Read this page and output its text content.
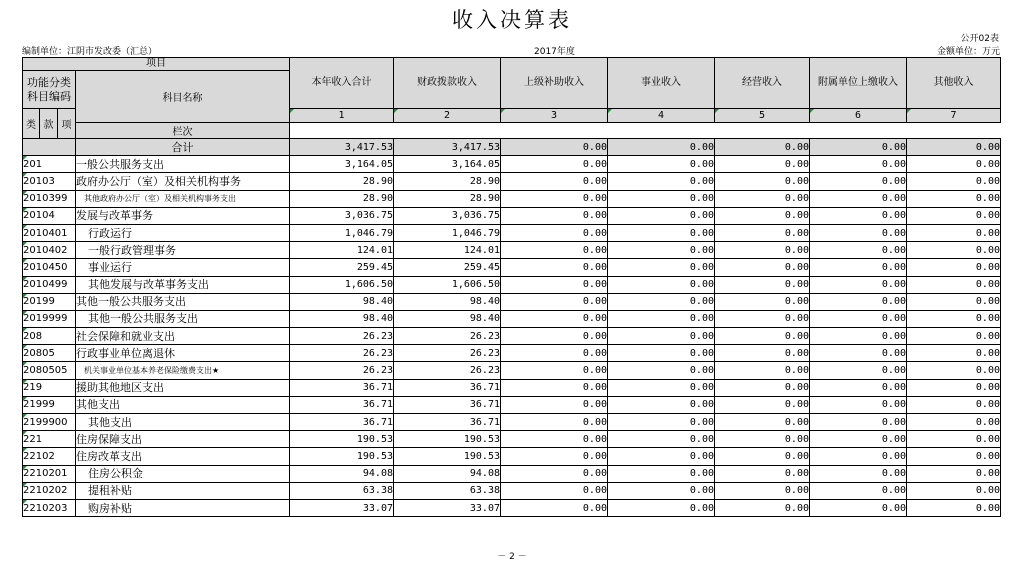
收入决算表
公开02表
编制单位：江阴市发改委（汇总）	2017年度	金额单位：万元
项目				本年收入合计	财政拨款收入	上级补助收入	事业收入	经营收入	附属单位上缴收入	其他收入
功能分类科目编码			科目名称							
类	款	项		1	2	3	4	5	6	7
			栏次							
			合计	3,417.53	3,417.53	0.00	0.00	0.00	0.00	0.00
201			一般公共服务支出	3,164.05	3,164.05	0.00	0.00	0.00	0.00	0.00
20103			政府办公厅（室）及相关机构事务	28.90	28.90	0.00	0.00	0.00	0.00	0.00
2010399			其他政府办公厅（室）及相关机构事务支出	28.90	28.90	0.00	0.00	0.00	0.00	0.00
20104			发展与改革事务	3,036.75	3,036.75	0.00	0.00	0.00	0.00	0.00
2010401			行政运行	1,046.79	1,046.79	0.00	0.00	0.00	0.00	0.00
2010402			一般行政管理事务	124.01	124.01	0.00	0.00	0.00	0.00	0.00
2010450			事业运行	259.45	259.45	0.00	0.00	0.00	0.00	0.00
2010499			其他发展与改革事务支出	1,606.50	1,606.50	0.00	0.00	0.00	0.00	0.00
20199			其他一般公共服务支出	98.40	98.40	0.00	0.00	0.00	0.00	0.00
2019999			其他一般公共服务支出	98.40	98.40	0.00	0.00	0.00	0.00	0.00
208			社会保障和就业支出	26.23	26.23	0.00	0.00	0.00	0.00	0.00
20805			行政事业单位离退休	26.23	26.23	0.00	0.00	0.00	0.00	0.00
2080505			机关事业单位基本养老保险缴费支出★	26.23	26.23	0.00	0.00	0.00	0.00	0.00
219			援助其他地区支出	36.71	36.71	0.00	0.00	0.00	0.00	0.00
21999			其他支出	36.71	36.71	0.00	0.00	0.00	0.00	0.00
2199900			其他支出	36.71	36.71	0.00	0.00	0.00	0.00	0.00
221			住房保障支出	190.53	190.53	0.00	0.00	0.00	0.00	0.00
22102			住房改革支出	190.53	190.53	0.00	0.00	0.00	0.00	0.00
2210201			住房公积金	94.08	94.08	0.00	0.00	0.00	0.00	0.00
2210202			提租补贴	63.38	63.38	0.00	0.00	0.00	0.00	0.00
2210203			购房补贴	33.07	33.07	0.00	0.00	0.00	0.00	0.00
－ 2 －
